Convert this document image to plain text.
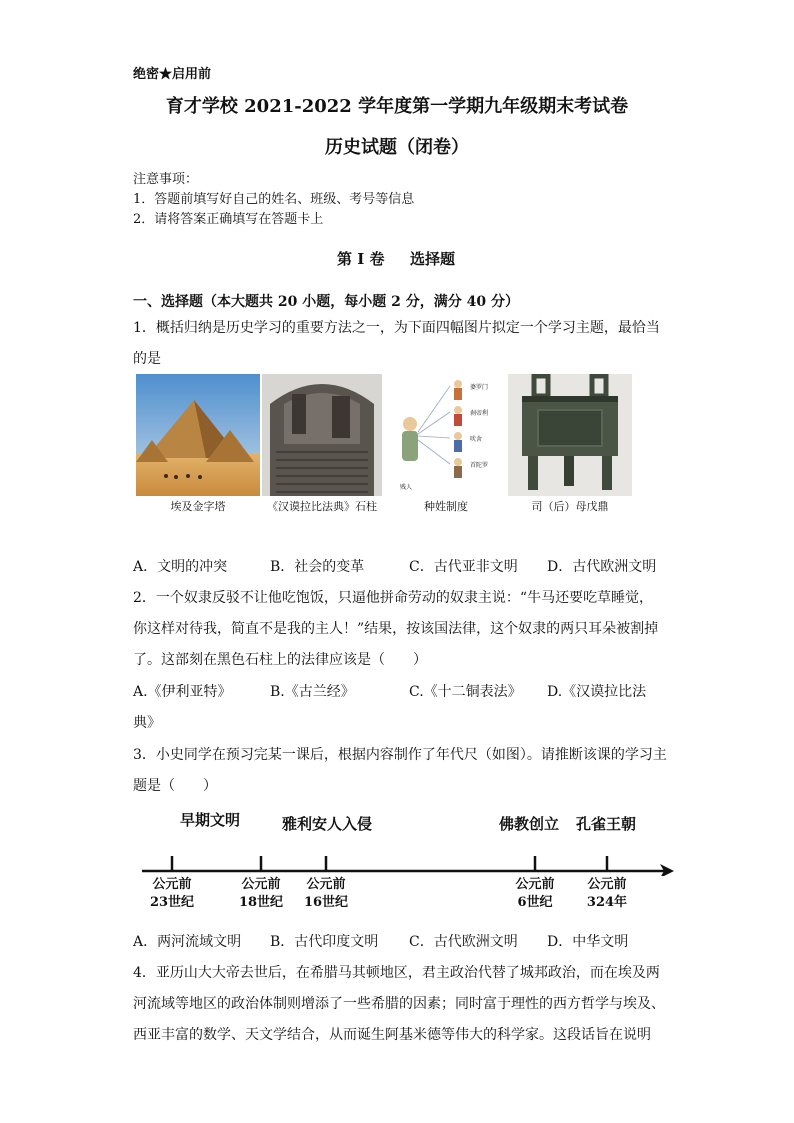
绝密★启用前
育才学校 2021-2022 学年度第一学期九年级期末考试卷
历史试题（闭卷）
注意事项：
1．答题前填写好自己的姓名、班级、考号等信息
2．请将答案正确填写在答题卡上
第 I 卷 选择题
一、选择题（本大题共 20 小题，每小题 2 分，满分 40 分）
1．概括归纳是历史学习的重要方法之一，为下面四幅图片拟定一个学习主题，最恰当
的是
埃及金字塔	《汉谟拉比法典》石柱
婆罗门
刹帝利
吠舍
首陀罗
贱人
种姓制度	司（后）母戊鼎
A．文明的冲突	B．社会的变革	C．古代亚非文明 D．古代欧洲文明
2．一个奴隶反驳不让他吃饱饭，只逼他拼命劳动的奴隶主说：“牛马还要吃草睡觉，
你这样对待我，简直不是我的主人！”结果，按该国法律，这个奴隶的两只耳朵被割掉
了。这部刻在黑色石柱上的法律应该是（　　）
A.《伊利亚特》	B.《古兰经》	C.《十二铜表法》 D.《汉谟拉比法
典》
3．小史同学在预习完某一课后，根据内容制作了年代尺（如图）。请推断该课的学习主
题是（　　）
早期文明	雅利安人入侵	佛教创立 孔雀王朝
公元前
23世纪
公元前
18世纪
公元前
16世纪
公元前
6世纪
公元前
324年
A．两河流域文明 B．古代印度文明 C．古代欧洲文明 D．中华文明
4．亚历山大大帝去世后，在希腊马其顿地区，君主政治代替了城邦政治，而在埃及两
河流域等地区的政治体制则增添了一些希腊的因素；同时富于理性的西方哲学与埃及、
西亚丰富的数学、天文学结合，从而诞生阿基米德等伟大的科学家。这段话旨在说明
